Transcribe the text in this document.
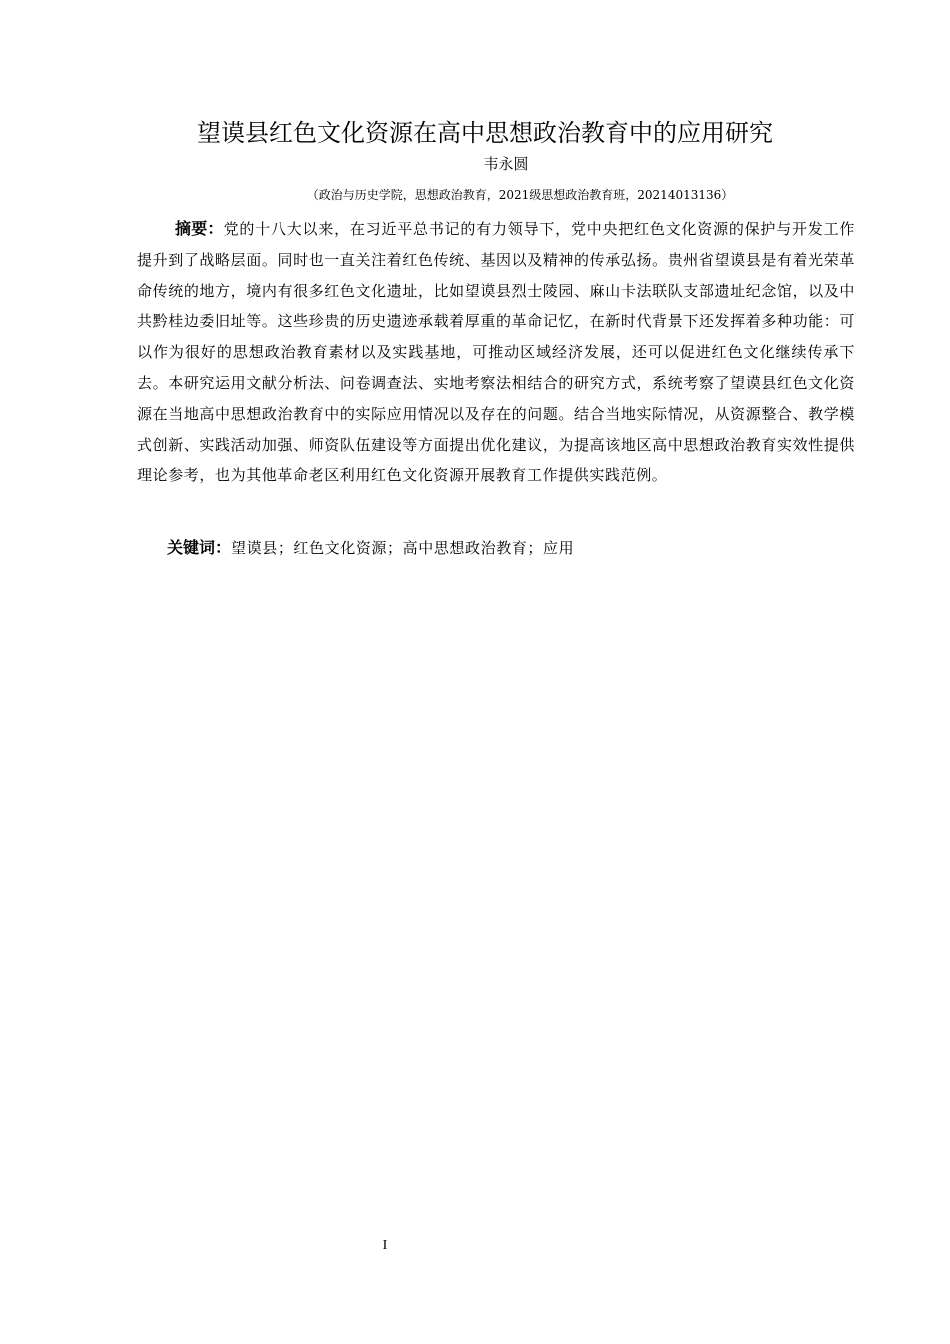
望谟县红色文化资源在高中思想政治教育中的应用研究
韦永圆
（政治与历史学院，思想政治教育，2021级思想政治教育班，20214013136）

摘要：党的十八大以来，在习近平总书记的有力领导下，党中央把红色文化资源的保护与开发工作提升到了战略层面。同时也一直关注着红色传统、基因以及精神的传承弘扬。贵州省望谟县是有着光荣革命传统的地方，境内有很多红色文化遗址，比如望谟县烈士陵园、麻山卡法联队支部遗址纪念馆，以及中共黔桂边委旧址等。这些珍贵的历史遗迹承载着厚重的革命记忆，在新时代背景下还发挥着多种功能：可以作为很好的思想政治教育素材以及实践基地，可推动区域经济发展，还可以促进红色文化继续传承下去。本研究运用文献分析法、问卷调查法、实地考察法相结合的研究方式，系统考察了望谟县红色文化资源在当地高中思想政治教育中的实际应用情况以及存在的问题。结合当地实际情况，从资源整合、教学模式创新、实践活动加强、师资队伍建设等方面提出优化建议，为提高该地区高中思想政治教育实效性提供理论参考，也为其他革命老区利用红色文化资源开展教育工作提供实践范例。

关键词：望谟县；红色文化资源；高中思想政治教育；应用

I
